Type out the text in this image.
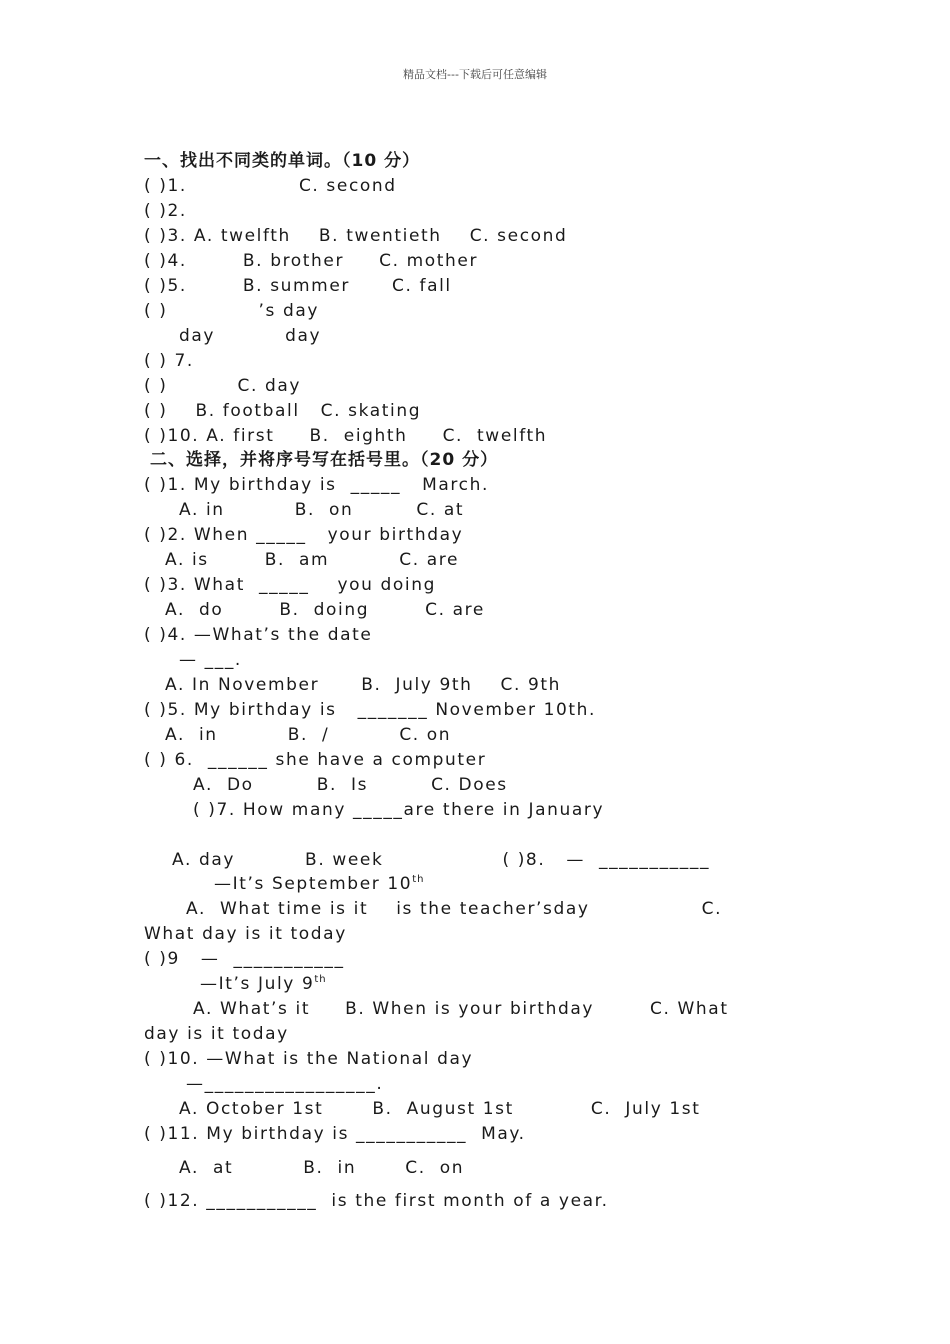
精品文档---下载后可任意编辑
一、找出不同类的单词。（10 分）
( )1.                C. second
( )2.
( )3. A. twelfth    B. twentieth    C. second
( )4.        B. brother     C. mother
( )5.        B. summer      C. fall
( )             ’s day
day          day
( ) 7.
( )          C. day
( )    B. football   C. skating
( )10. A. first     B.  eighth     C.  twelfth
二、选择，并将序号写在括号里。（20 分）
( )1. My birthday is  _____   March.
A. in          B.  on         C. at
( )2. When _____   your birthday
A. is        B.  am          C. are
( )3. What  _____    you doing
A.  do        B.  doing        C. are
( )4. —What’s the date
— ___.
A. In November      B.  July 9th    C. 9th
( )5. My birthday is   _______ November 10th.
A.  in          B.  /          C. on
( ) 6.  ______ she have a computer
A.  Do         B.  Is         C. Does
( )7. How many _____are there in January
A. day          B. week                 ( )8.   —  ___________
—It’s September 10th
A.  What time is it    is the teacher’sday                C.
What day is it today
( )9   —  ___________
—It’s July 9th
A. What’s it     B. When is your birthday        C. What
day is it today
( )10. —What is the National day
—_________________.
A. October 1st       B.  August 1st           C.  July 1st
( )11. My birthday is ___________  May.
A.  at          B.  in       C.  on
( )12. ___________  is the first month of a year.
